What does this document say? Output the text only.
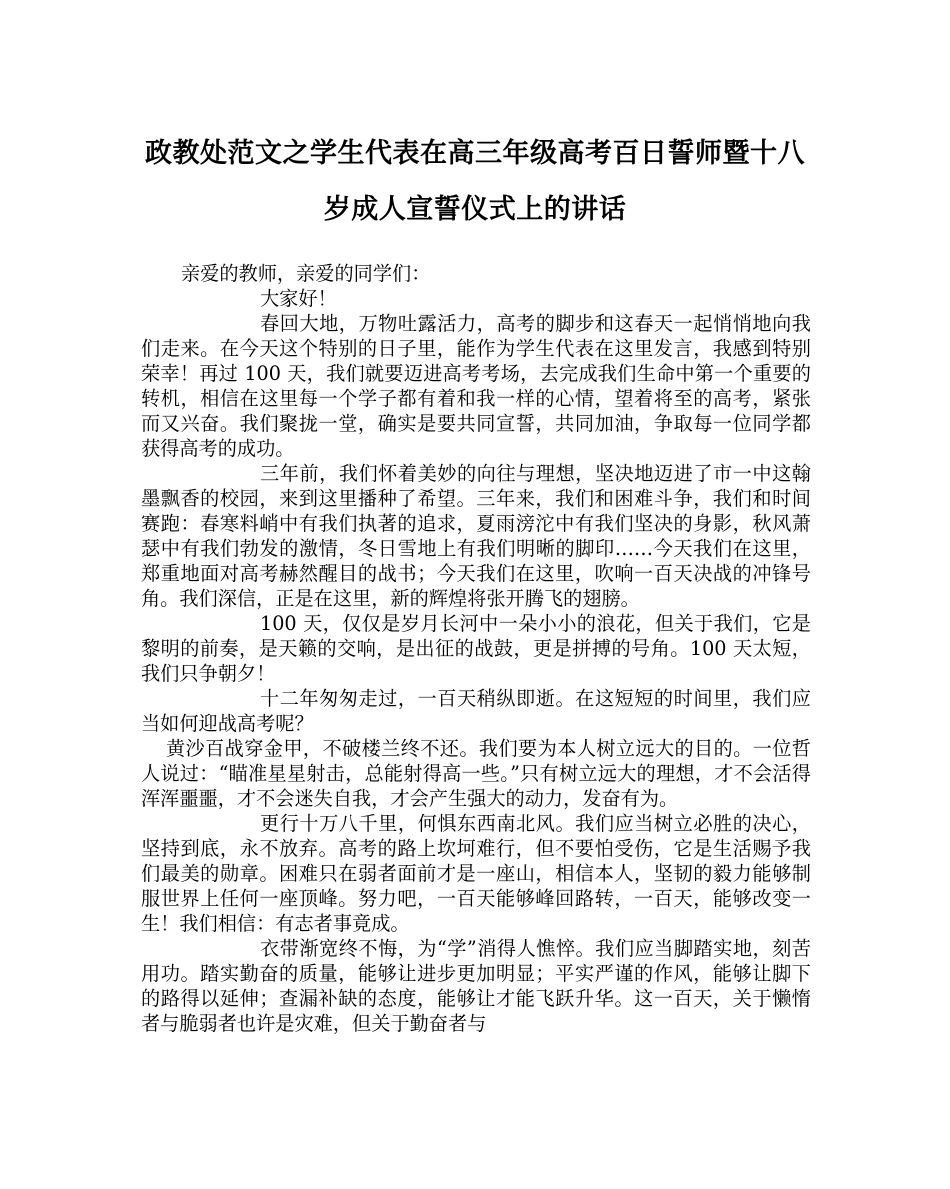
政教处范文之学生代表在高三年级高考百日誓师暨十八
岁成人宣誓仪式上的讲话

亲爱的教师，亲爱的同学们：

大家好！

春回大地，万物吐露活力，高考的脚步和这春天一起悄悄地向我们走来。在今天这个特别的日子里，能作为学生代表在这里发言，我感到特别荣幸！再过 100 天，我们就要迈进高考考场，去完成我们生命中第一个重要的转机，相信在这里每一个学子都有着和我一样的心情，望着将至的高考，紧张而又兴奋。我们聚拢一堂，确实是要共同宣誓，共同加油，争取每一位同学都获得高考的成功。

三年前，我们怀着美妙的向往与理想，坚决地迈进了市一中这翰墨飘香的校园，来到这里播种了希望。三年来，我们和困难斗争，我们和时间赛跑：春寒料峭中有我们执著的追求，夏雨滂沱中有我们坚决的身影，秋风萧瑟中有我们勃发的激情，冬日雪地上有我们明晰的脚印……今天我们在这里，郑重地面对高考赫然醒目的战书；今天我们在这里，吹响一百天决战的冲锋号角。我们深信，正是在这里，新的辉煌将张开腾飞的翅膀。

100 天，仅仅是岁月长河中一朵小小的浪花，但关于我们，它是黎明的前奏，是天籁的交响，是出征的战鼓，更是拼搏的号角。100 天太短，我们只争朝夕！

十二年匆匆走过，一百天稍纵即逝。在这短短的时间里，我们应当如何迎战高考呢？

黄沙百战穿金甲，不破楼兰终不还。我们要为本人树立远大的目的。一位哲人说过：“瞄准星星射击，总能射得高一些。”只有树立远大的理想，才不会活得浑浑噩噩，才不会迷失自我，才会产生强大的动力，发奋有为。

更行十万八千里，何惧东西南北风。我们应当树立必胜的决心，坚持到底，永不放弃。高考的路上坎坷难行，但不要怕受伤，它是生活赐予我们最美的勋章。困难只在弱者面前才是一座山，相信本人，坚韧的毅力能够制服世界上任何一座顶峰。努力吧，一百天能够峰回路转，一百天，能够改变一生！我们相信：有志者事竟成。

衣带渐宽终不悔，为“学”消得人憔悴。我们应当脚踏实地，刻苦用功。踏实勤奋的质量，能够让进步更加明显；平实严谨的作风，能够让脚下的路得以延伸；查漏补缺的态度，能够让才能飞跃升华。这一百天，关于懒惰者与脆弱者也许是灾难，但关于勤奋者与
